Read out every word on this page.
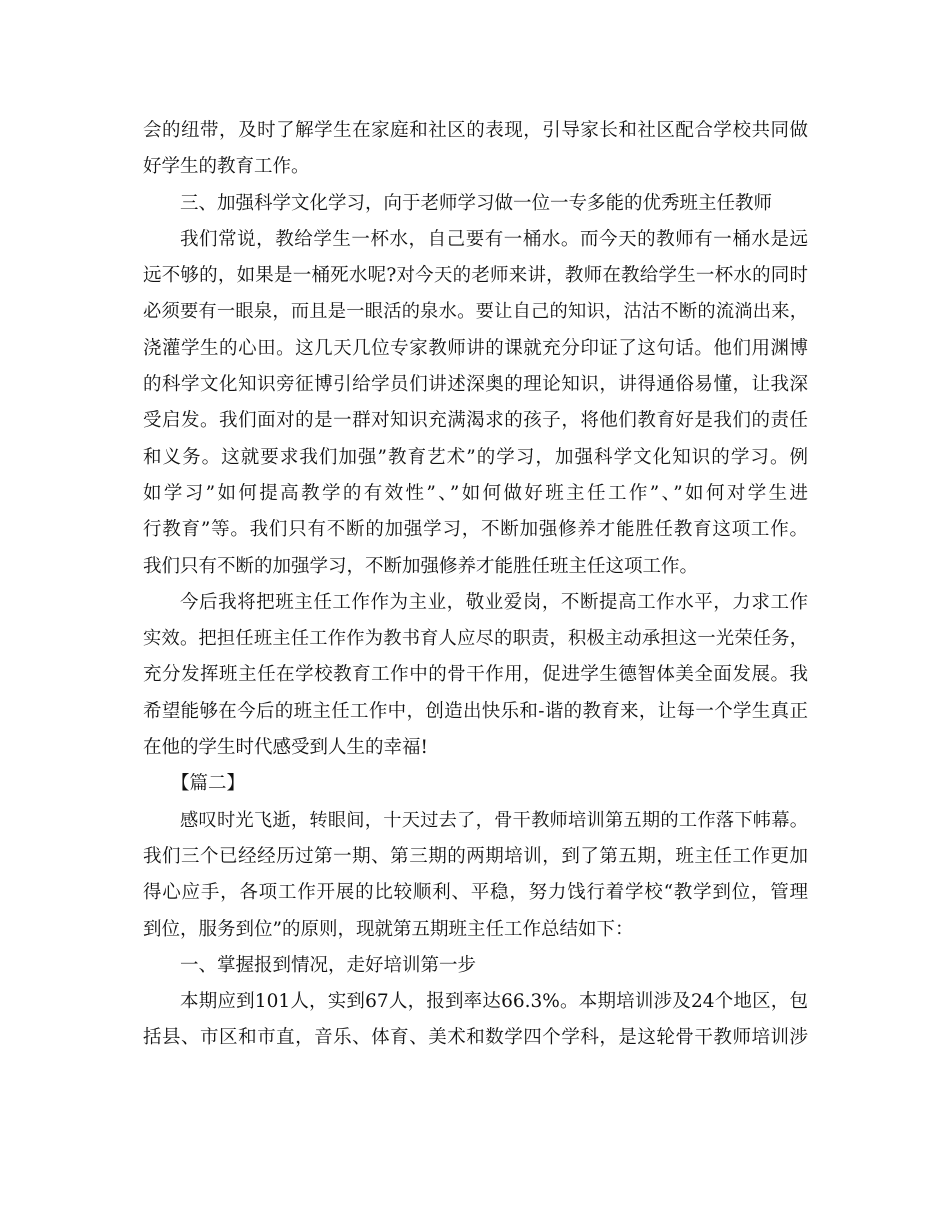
会的纽带，及时了解学生在家庭和社区的表现，引导家长和社区配合学校共同做
好学生的教育工作。
三、加强科学文化学习，向于老师学习做一位一专多能的优秀班主任教师
我们常说，教给学生一杯水，自己要有一桶水。而今天的教师有一桶水是远
远不够的，如果是一桶死水呢?对今天的老师来讲，教师在教给学生一杯水的同时
必须要有一眼泉，而且是一眼活的泉水。要让自己的知识，沽沽不断的流淌出来，
浇灌学生的心田。这几天几位专家教师讲的课就充分印证了这句话。他们用渊博
的科学文化知识旁征博引给学员们讲述深奥的理论知识，讲得通俗易懂，让我深
受启发。我们面对的是一群对知识充满渴求的孩子，将他们教育好是我们的责任
和义务。这就要求我们加强”教育艺术”的学习，加强科学文化知识的学习。例
如学习”如何提高教学的有效性”、”如何做好班主任工作”、”如何对学生进
行教育”等。我们只有不断的加强学习，不断加强修养才能胜任教育这项工作。
我们只有不断的加强学习，不断加强修养才能胜任班主任这项工作。
今后我将把班主任工作作为主业，敬业爱岗，不断提高工作水平，力求工作
实效。把担任班主任工作作为教书育人应尽的职责，积极主动承担这一光荣任务，
充分发挥班主任在学校教育工作中的骨干作用，促进学生德智体美全面发展。我
希望能够在今后的班主任工作中，创造出快乐和-谐的教育来，让每一个学生真正
在他的学生时代感受到人生的幸福!
【篇二】
感叹时光飞逝，转眼间，十天过去了，骨干教师培训第五期的工作落下帏幕。
我们三个已经经历过第一期、第三期的两期培训，到了第五期，班主任工作更加
得心应手，各项工作开展的比较顺利、平稳，努力饯行着学校“教学到位，管理
到位，服务到位”的原则，现就第五期班主任工作总结如下：
一、掌握报到情况，走好培训第一步
本期应到101人，实到67人，报到率达66.3%。本期培训涉及24个地区，包
括县、市区和市直，音乐、体育、美术和数学四个学科，是这轮骨干教师培训涉
